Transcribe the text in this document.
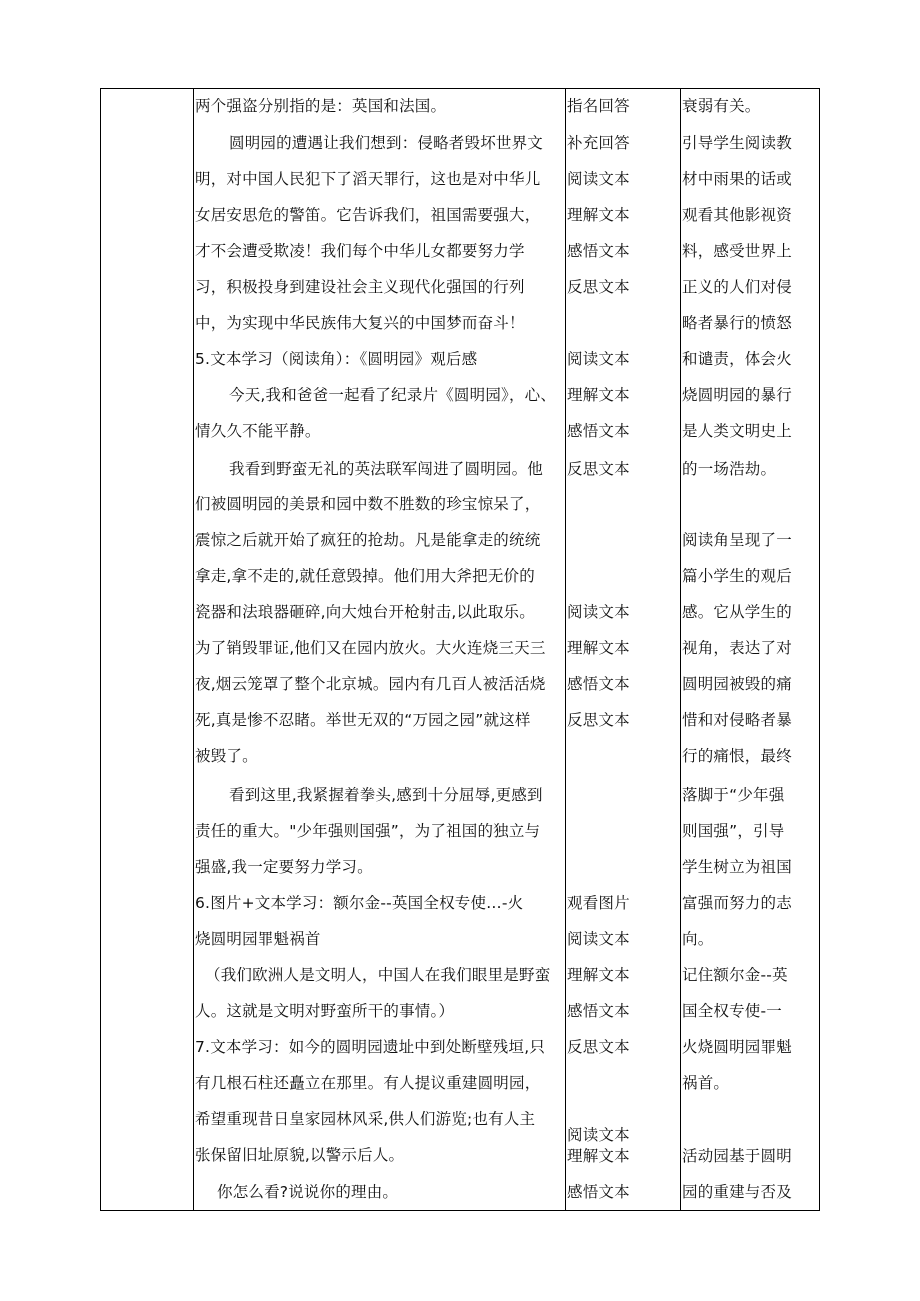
两个强盗分别指的是：英国和法国。
圆明园的遭遇让我们想到：侵略者毁坏世界文
明，对中国人民犯下了滔天罪行，这也是对中华儿
女居安思危的警笛。它告诉我们，祖国需要强大，
才不会遭受欺凌！我们每个中华儿女都要努力学
习，积极投身到建设社会主义现代化强国的行列
中，为实现中华民族伟大复兴的中国梦而奋斗！
5.文本学习（阅读角）：《圆明园》观后感
今天,我和爸爸一起看了纪录片《圆明园》，心、
情久久不能平静。
我看到野蛮无礼的英法联军闯进了圆明园。他
们被圆明园的美景和园中数不胜数的珍宝惊呆了，
震惊之后就开始了疯狂的抢劫。凡是能拿走的统统
拿走,拿不走的,就任意毁掉。他们用大斧把无价的
瓷器和法琅器砸碎,向大烛台开枪射击,以此取乐。
为了销毁罪证,他们又在园内放火。大火连烧三天三
夜,烟云笼罩了整个北京城。园内有几百人被活活烧
死,真是惨不忍睹。举世无双的“万园之园”就这样
被毁了。
看到这里,我紧握着拳头,感到十分屈辱,更感到
责任的重大。"少年强则国强”，为了祖国的独立与
强盛,我一定要努力学习。
6.图片+文本学习：额尔金--英国全权专使…-火
烧圆明园罪魁祸首
（我们欧洲人是文明人，中国人在我们眼里是野蛮
人。这就是文明对野蛮所干的事情。）
7.文本学习：如今的圆明园遗址中到处断壁残垣,只
有几根石柱还矗立在那里。有人提议重建圆明园，
希望重现昔日皇家园林风采,供人们游览;也有人主
张保留旧址原貌,以警示后人。
你怎么看?说说你的理由。
指名回答
补充回答
阅读文本
理解文本
感悟文本
反思文本
阅读文本
理解文本
感悟文本
反思文本
阅读文本
理解文本
感悟文本
反思文本
观看图片
阅读文本
理解文本
感悟文本
反思文本
阅读文本
理解文本
感悟文本
衰弱有关。
引导学生阅读教
材中雨果的话或
观看其他影视资
料，感受世界上
正义的人们对侵
略者暴行的愤怒
和谴责，体会火
烧圆明园的暴行
是人类文明史上
的一场浩劫。
阅读角呈现了一
篇小学生的观后
感。它从学生的
视角，表达了对
圆明园被毁的痛
惜和对侵略者暴
行的痛恨，最终
落脚于“少年强
则国强”，引导
学生树立为祖国
富强而努力的志
向。
记住额尔金--英
国全权专使-一
火烧圆明园罪魁
祸首。
活动园基于圆明
园的重建与否及
